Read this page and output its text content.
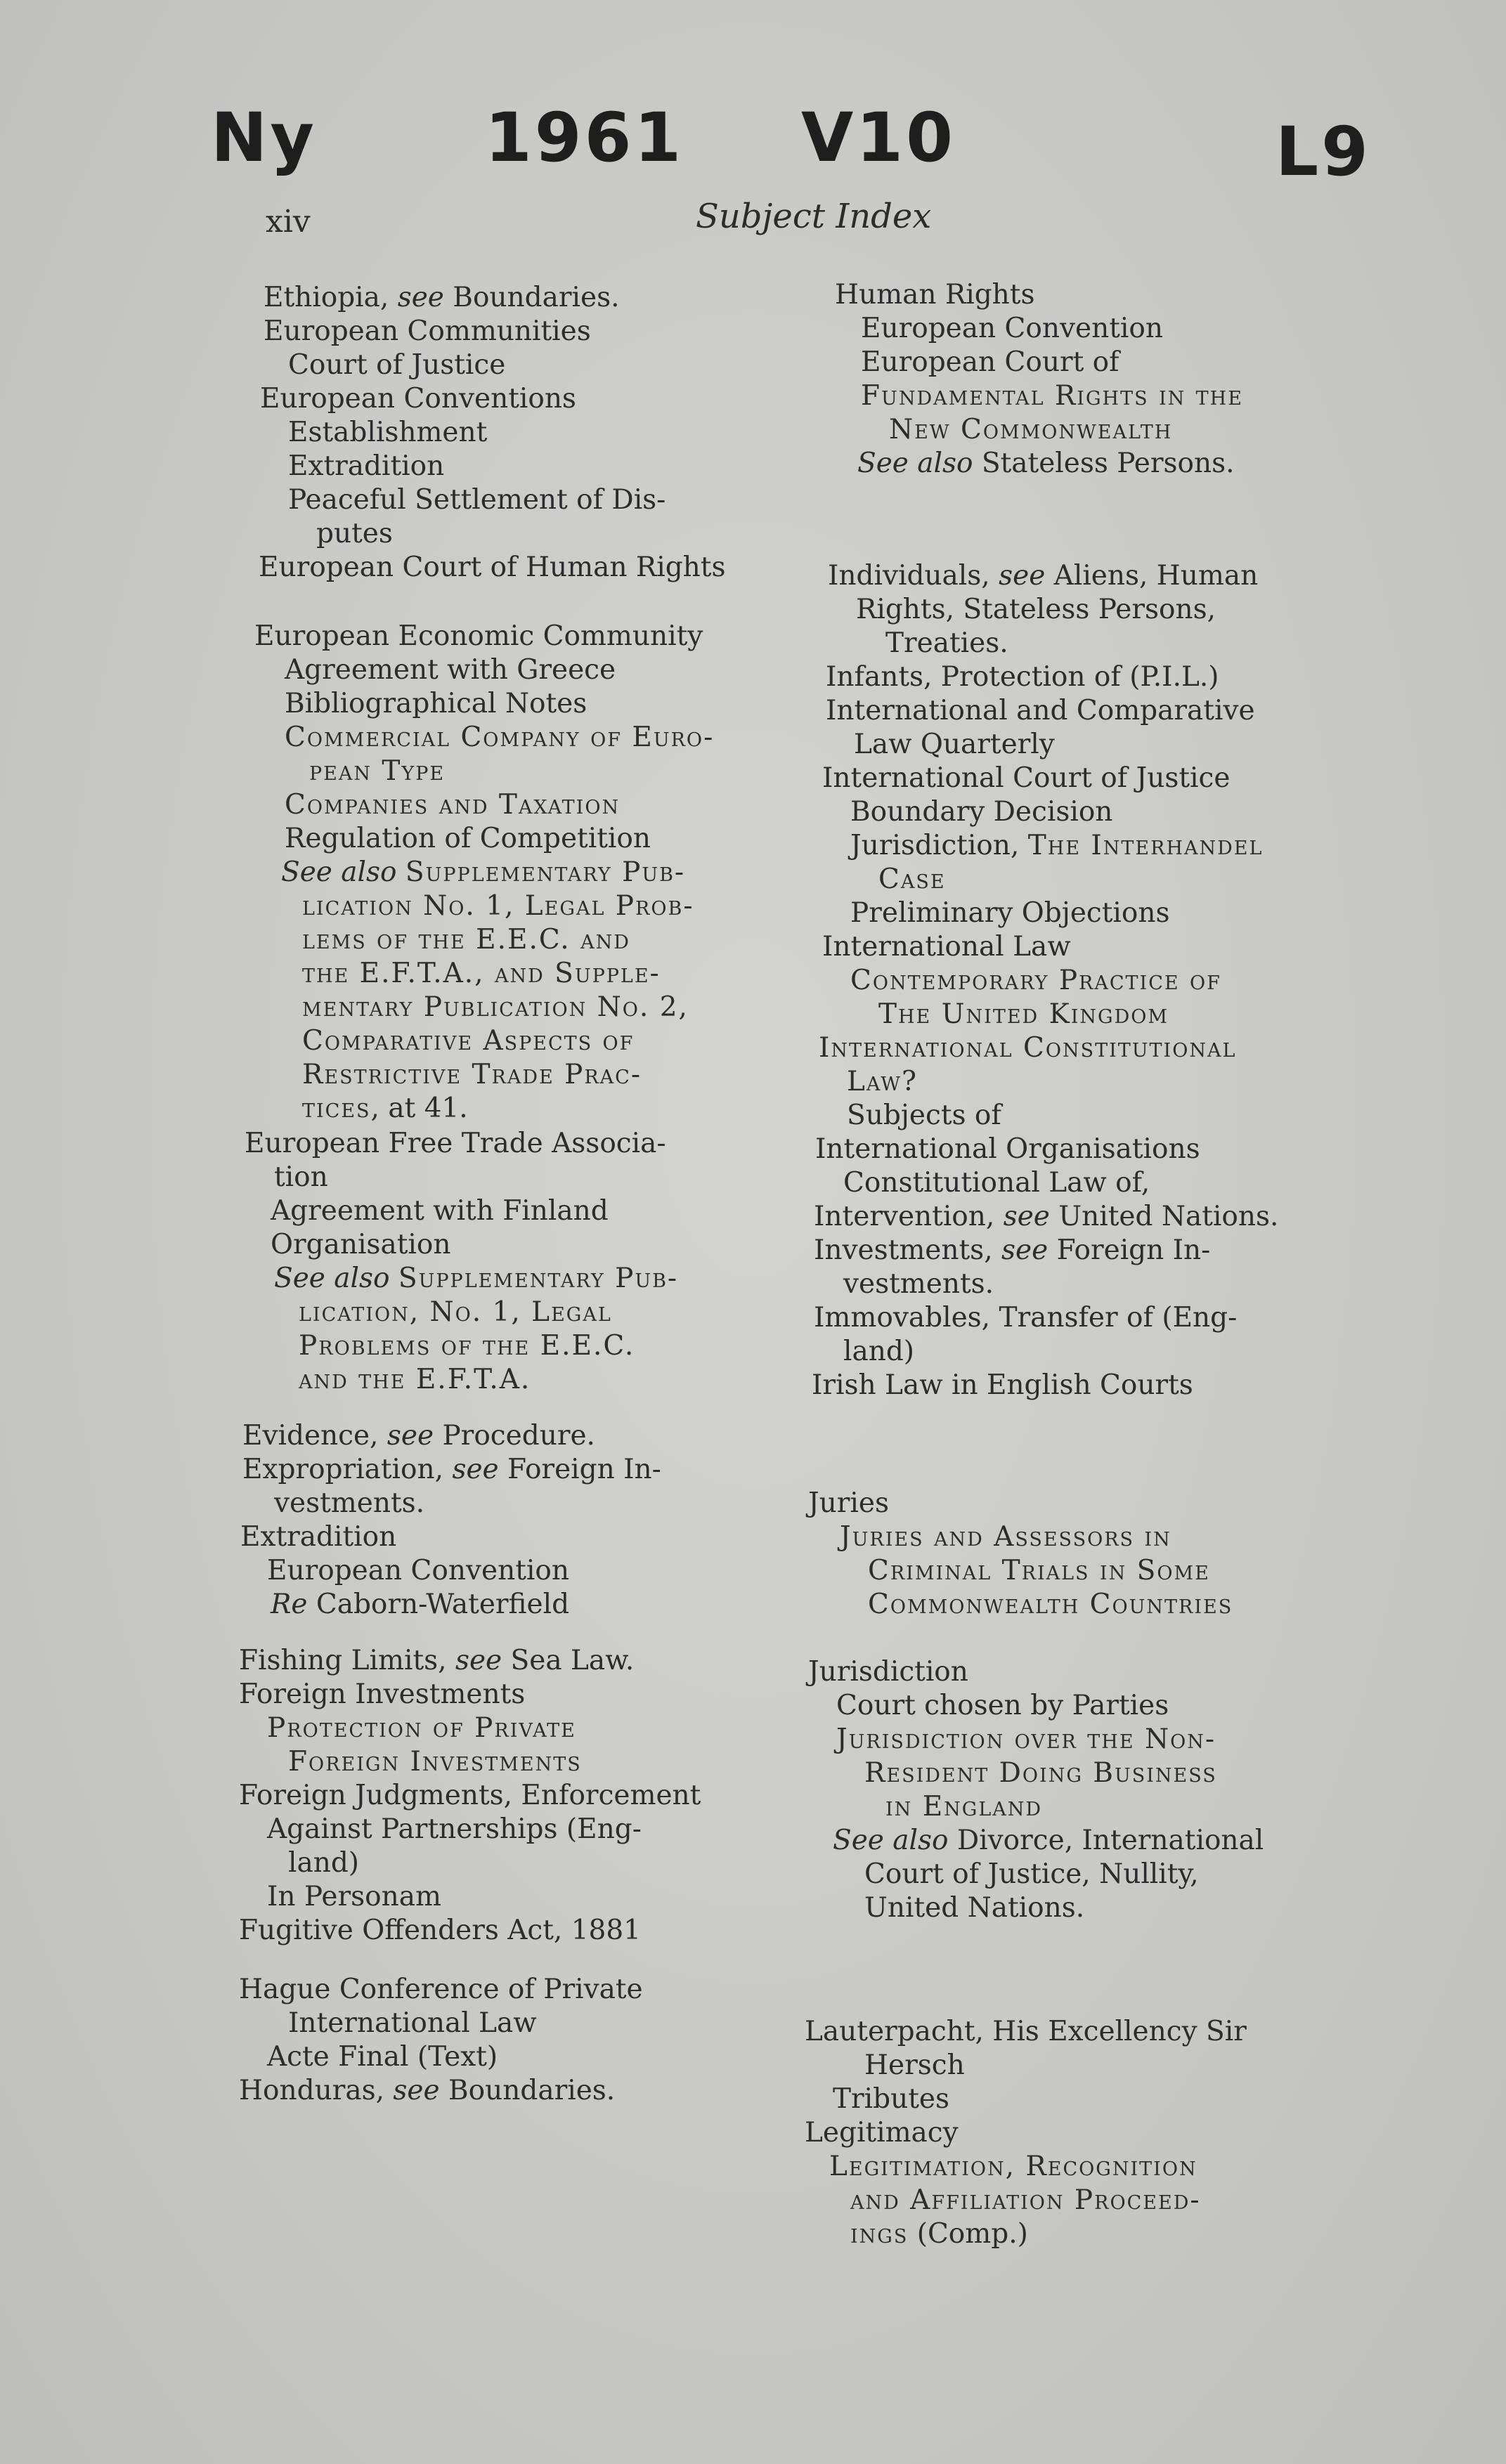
Ny 1961 V10	L9
xiv	Subject Index
Ethiopia, see Boundaries.
European Communities
Court of Justice
European Conventions
Establishment
Extradition
Peaceful Settlement of Dis-
putes
European Court of Human Rights
European Economic Community
Agreement with Greece
Bibliographical Notes
Commercial Company of Euro-
pean Type
Companies and Taxation
Regulation of Competition
See also Supplementary Pub-
lication No. 1, Legal Prob-
lems of the E.E.C. and
the E.F.T.A., and Supple-
mentary Publication No. 2,
Comparative Aspects of
Restrictive Trade Prac-
tices, at 41.
European Free Trade Associa-
tion
Agreement with Finland
Organisation
See also Supplementary Pub-
lication, No. 1, Legal
Problems of the E.E.C.
and the E.F.T.A.
Evidence, see Procedure.
Expropriation, see Foreign In-
vestments.
Extradition
European Convention
Re Caborn-Waterfield
Fishing Limits, see Sea Law.
Foreign Investments
Protection of Private
Foreign Investments
Foreign Judgments, Enforcement
Against Partnerships (Eng-
land)
In Personam
Fugitive Offenders Act, 1881
Hague Conference of Private
International Law
Acte Final (Text)
Honduras, see Boundaries.
Human Rights
European Convention
European Court of
Fundamental Rights in the
New Commonwealth
See also Stateless Persons.
Individuals, see Aliens, Human
Rights, Stateless Persons,
Treaties.
Infants, Protection of (P.I.L.)
International and Comparative
Law Quarterly
International Court of Justice
Boundary Decision
Jurisdiction, The Interhandel
Case
Preliminary Objections
International Law
Contemporary Practice of
The United Kingdom
International Constitutional
Law?
Subjects of
International Organisations
Constitutional Law of,
Intervention, see United Nations.
Investments, see Foreign In-
vestments.
Immovables, Transfer of (Eng-
land)
Irish Law in English Courts
Juries
Juries and Assessors in
Criminal Trials in Some
Commonwealth Countries
Jurisdiction
Court chosen by Parties
Jurisdiction over the Non-
Resident Doing Business
in England
See also Divorce, International
Court of Justice, Nullity,
United Nations.
Lauterpacht, His Excellency Sir
Hersch
Tributes
Legitimacy
Legitimation, Recognition
and Affiliation Proceed-
ings (Comp.)
